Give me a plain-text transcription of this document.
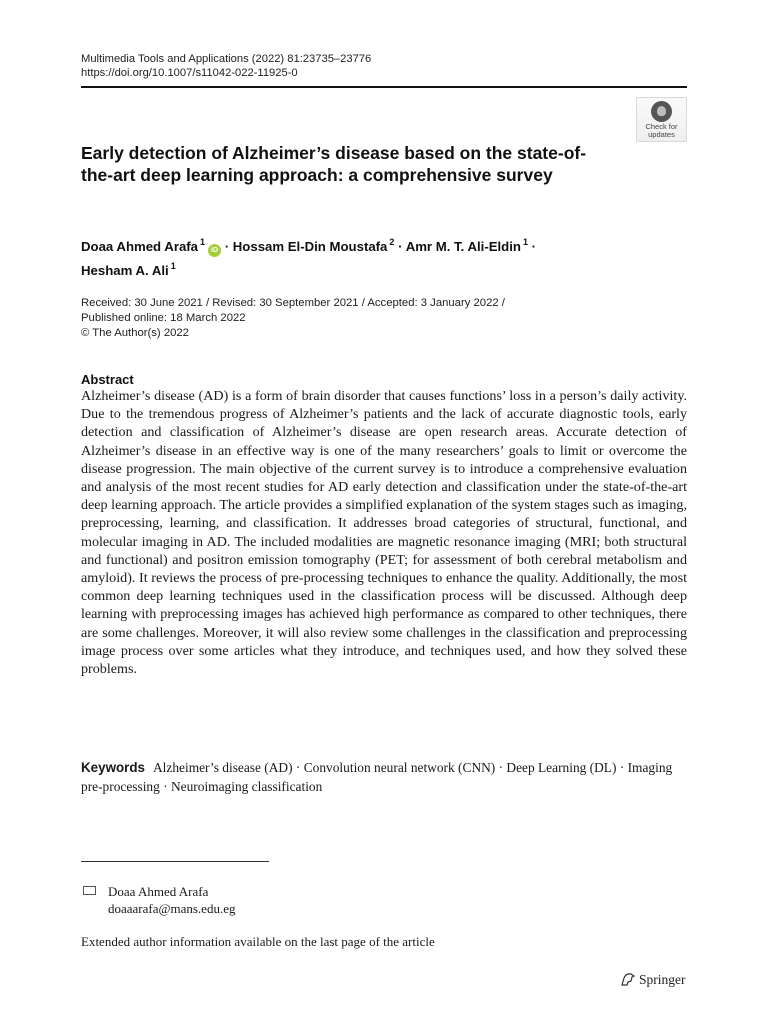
Multimedia Tools and Applications (2022) 81:23735–23776
https://doi.org/10.1007/s11042-022-11925-0
Check for updates
Early detection of Alzheimer’s disease based on the state-of-the-art deep learning approach: a comprehensive survey
Doaa Ahmed Arafa $^1$iD · Hossam El-Din Moustafa $^2$ · Amr M. T. Ali-Eldin $^1$ ·
Hesham A. Ali $^1$
Received: 30 June 2021 / Revised: 30 September 2021 / Accepted: 3 January 2022 /
Published online: 18 March 2022
© The Author(s) 2022
Abstract
Alzheimer’s disease (AD) is a form of brain disorder that causes functions’ loss in a person’s daily activity. Due to the tremendous progress of Alzheimer’s patients and the lack of accurate diagnostic tools, early detection and classification of Alzheimer’s disease are open research areas. Accurate detection of Alzheimer’s disease in an effective way is one of the many researchers’ goals to limit or overcome the disease progression. The main objective of the current survey is to introduce a comprehensive evaluation and analysis of the most recent studies for AD early detection and classification under the state-of-the-art deep learning approach. The article provides a simplified explanation of the system stages such as imaging, preprocessing, learning, and classification. It addresses broad categories of structural, functional, and molecular imaging in AD. The included modalities are magnetic resonance imaging (MRI; both structural and functional) and positron emission tomography (PET; for assessment of both cerebral metabolism and amyloid). It reviews the process of pre-processing techniques to enhance the quality. Additionally, the most common deep learning techniques used in the classification process will be discussed. Although deep learning with preprocessing images has achieved high performance as compared to other techniques, there are some challenges. Moreover, it will also review some challenges in the classification and preprocessing image process over some articles what they introduce, and techniques used, and how they solved these problems.
Keywords Alzheimer’s disease (AD) · Convolution neural network (CNN) · Deep Learning (DL) · Imaging pre-processing · Neuroimaging classification
Doaa Ahmed Arafa
doaaarafa@mans.edu.eg
Extended author information available on the last page of the article
Springer
